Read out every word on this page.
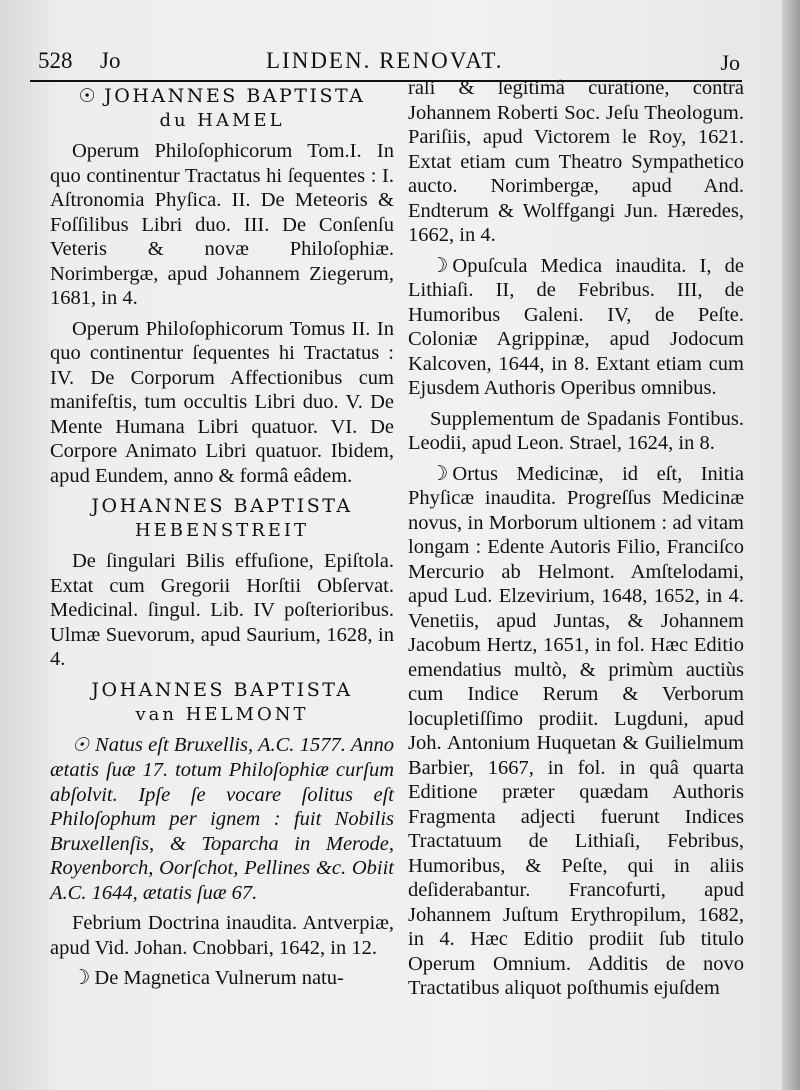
528 Jo	LINDEN. RENOVAT.	Jo
☉ JOHANNES BAPTISTA
du HAMEL

Operum Philoſophicorum Tom.I. In quo continentur Tractatus hi ſequentes : I. Aſtronomia Phyſica. II. De Meteoris & Foſſilibus Libri duo. III. De Conſenſu Veteris & novæ Philoſophiæ. Norimbergæ, apud Johannem Ziegerum, 1681, in 4.

Operum Philoſophicorum Tomus II. In quo continentur ſequentes hi Tractatus : IV. De Corporum Affectionibus cum manifeſtis, tum occultis Libri duo. V. De Mente Humana Libri quatuor. VI. De Corpore Animato Libri quatuor. Ibidem, apud Eundem, anno & formâ eâdem.

JOHANNES BAPTISTA
HEBENSTREIT

De ſingulari Bilis effuſione, Epiſtola. Extat cum Gregorii Horſtii Obſervat. Medicinal. ſingul. Lib. IV poſterioribus. Ulmæ Suevorum, apud Saurium, 1628, in 4.

JOHANNES BAPTISTA
van HELMONT

☉ Natus eſt Bruxellis, A.C. 1577. Anno ætatis ſuæ 17. totum Philoſophiæ curſum abſolvit. Ipſe ſe vocare ſolitus eſt Philoſophum per ignem : fuit Nobilis Bruxellenſis, & Toparcha in Merode, Royenborch, Oorſchot, Pellines &c. Obiit A.C. 1644, ætatis ſuæ 67.

Febrium Doctrina inaudita. Antverpiæ, apud Vid. Johan. Cnobbari, 1642, in 12.

☽ De Magnetica Vulnerum natu-

rali & legitimâ curatione, contra Johannem Roberti Soc. Jeſu Theologum. Pariſiis, apud Victorem le Roy, 1621. Extat etiam cum Theatro Sympathetico aucto. Norimbergæ, apud And. Endterum & Wolffgangi Jun. Hæredes, 1662, in 4.

☽ Opuſcula Medica inaudita. I, de Lithiaſi. II, de Febribus. III, de Humoribus Galeni. IV, de Peſte. Coloniæ Agrippinæ, apud Jodocum Kalcoven, 1644, in 8. Extant etiam cum Ejusdem Authoris Operibus omnibus.

Supplementum de Spadanis Fontibus. Leodii, apud Leon. Strael, 1624, in 8.

☽ Ortus Medicinæ, id eſt, Initia Phyſicæ inaudita. Progreſſus Medicinæ novus, in Morborum ultionem : ad vitam longam : Edente Autoris Filio, Franciſco Mercurio ab Helmont. Amſtelodami, apud Lud. Elzevirium, 1648, 1652, in 4. Venetiis, apud Juntas, & Johannem Jacobum Hertz, 1651, in fol. Hæc Editio emendatius multò, & primùm auctiùs cum Indice Rerum & Verborum locupletiſſimo prodiit. Lugduni, apud Joh. Antonium Huquetan & Guilielmum Barbier, 1667, in fol. in quâ quarta Editione præter quædam Authoris Fragmenta adjecti fuerunt Indices Tractatuum de Lithiaſi, Febribus, Humoribus, & Peſte, qui in aliis deſiderabantur. Francofurti, apud Johannem Juſtum Erythropilum, 1682, in 4. Hæc Editio prodiit ſub titulo Operum Omnium. Additis de novo Tractatibus aliquot poſthumis ejuſdem
